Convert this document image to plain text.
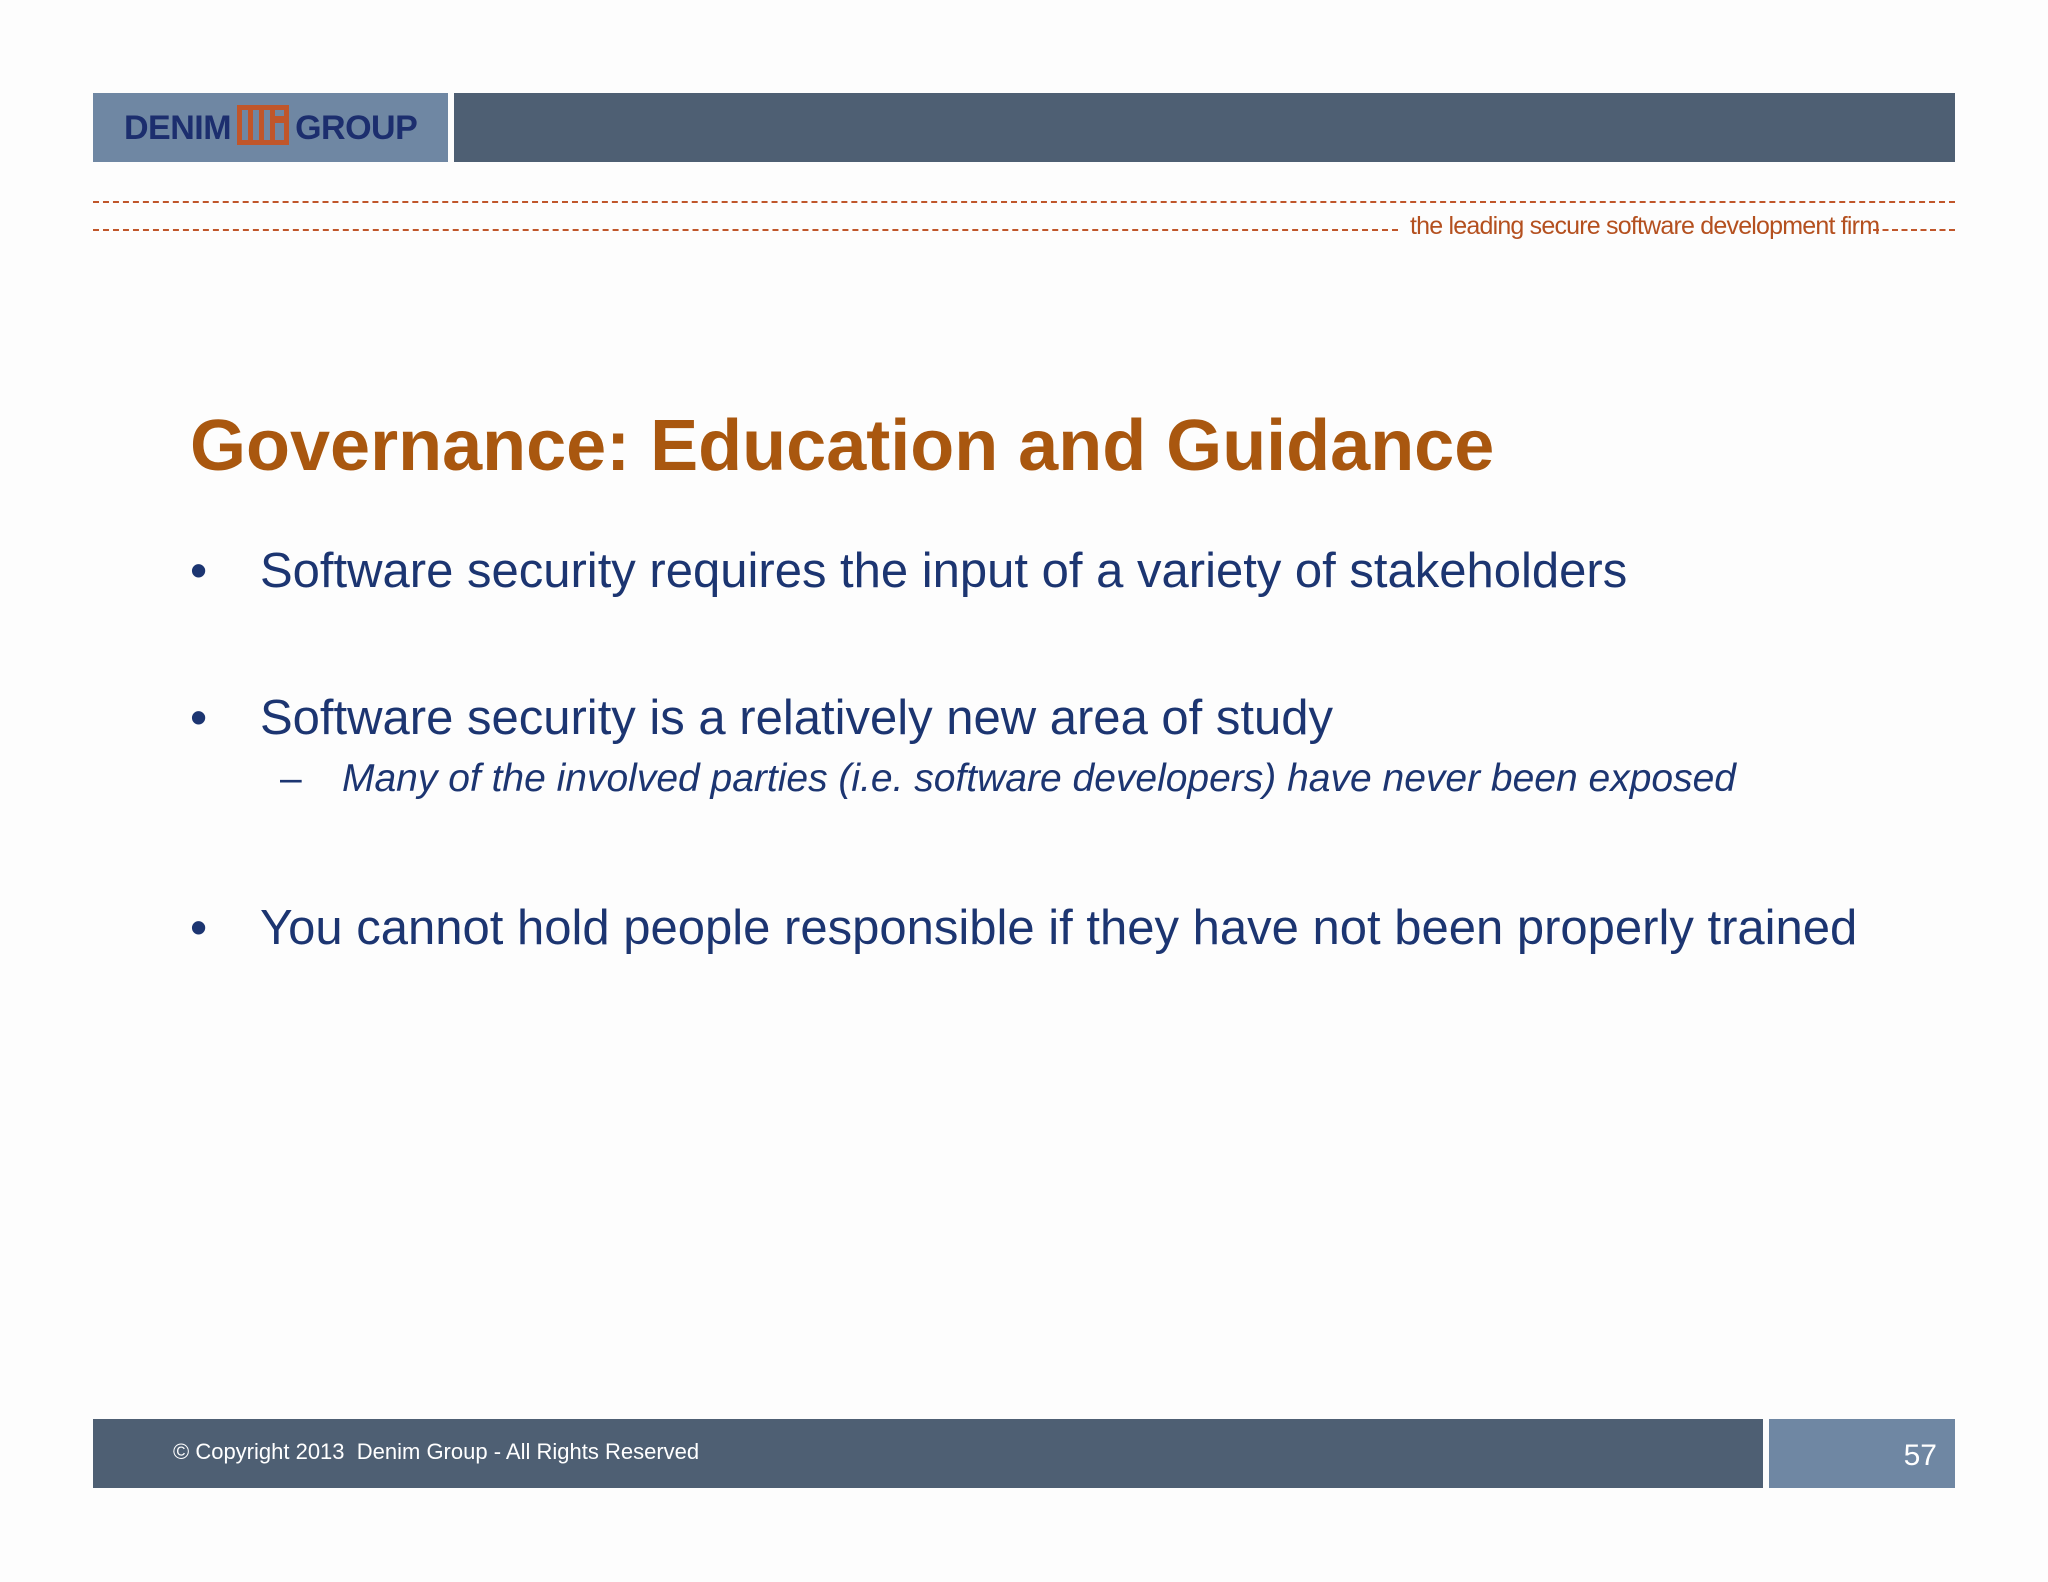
DENIM GROUP
the leading secure software development firm
Governance: Education and Guidance
• Software security requires the input of a variety of stakeholders
• Software security is a relatively new area of study
– Many of the involved parties (i.e. software developers) have never been exposed
• You cannot hold people responsible if they have not been properly trained
© Copyright 2013  Denim Group - All Rights Reserved	57
